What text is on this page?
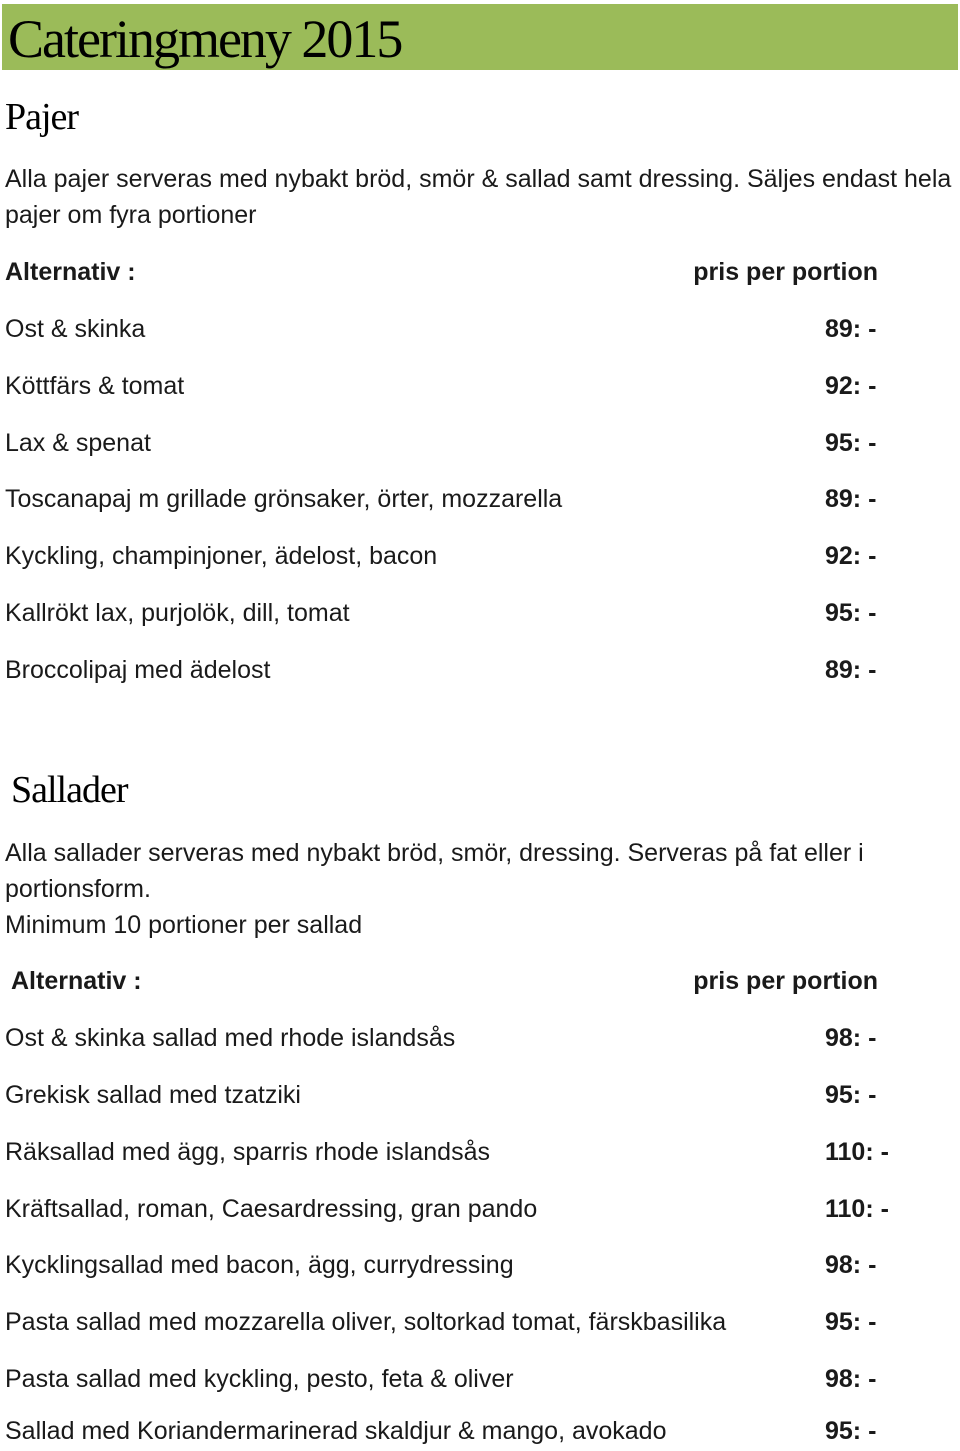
Cateringmeny 2015
Pajer
Alla pajer serveras med nybakt bröd, smör & sallad samt dressing. Säljes endast hela pajer om fyra portioner
Alternativ :	pris per portion
Ost & skinka	89: -
Köttfärs & tomat	92: -
Lax & spenat	95: -
Toscanapaj m grillade grönsaker, örter, mozzarella	89: -
Kyckling, champinjoner, ädelost, bacon	92: -
Kallrökt lax, purjolök, dill, tomat	95: -
Broccolipaj med ädelost	89: -
Sallader
Alla sallader serveras med nybakt bröd, smör, dressing. Serveras på fat eller i portionsform.
Minimum 10 portioner per sallad
Alternativ :	pris per portion
Ost & skinka sallad med rhode islandsås	98: -
Grekisk sallad med tzatziki	95: -
Räksallad med ägg, sparris rhode islandsås	110: -
Kräftsallad, roman, Caesardressing, gran pando	110: -
Kycklingsallad med bacon, ägg, currydressing	98: -
Pasta sallad med mozzarella oliver, soltorkad tomat, färskbasilika	95: -
Pasta sallad med kyckling, pesto, feta & oliver	98: -
Sallad med Koriandermarinerad skaldjur & mango, avokado	95: -
